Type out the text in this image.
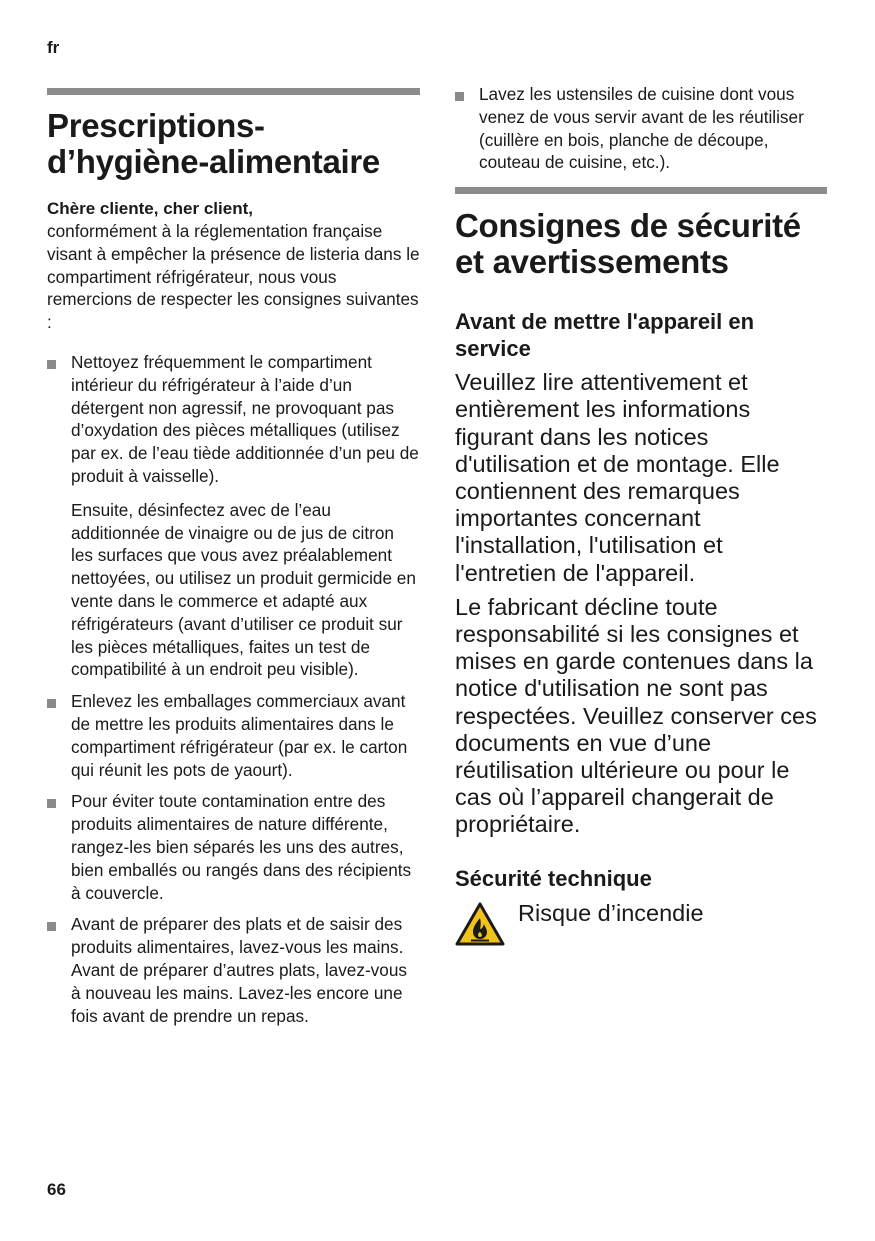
fr
Prescriptions-
d’hygiène-alimentaire
Chère cliente, cher client,

conformément à la réglementation française visant à empêcher la présence de listeria dans le compartiment réfrigérateur, nous vous remercions de respecter les consignes suivantes :

Nettoyez fréquemment le compartiment intérieur du réfrigérateur à l’aide d’un détergent non agressif, ne provoquant pas d’oxydation des pièces métalliques (utilisez par ex. de l’eau tiède additionnée d’un peu de produit à vaisselle).
Ensuite, désinfectez avec de l’eau additionnée de vinaigre ou de jus de citron les surfaces que vous avez préalablement nettoyées, ou utilisez un produit germicide en vente dans le commerce et adapté aux réfrigérateurs (avant d’utiliser ce produit sur les pièces métalliques, faites un test de compatibilité à un endroit peu visible).
Enlevez les emballages commerciaux avant de mettre les produits alimentaires dans le compartiment réfrigérateur (par ex. le carton qui réunit les pots de yaourt).
Pour éviter toute contamination entre des produits alimentaires de nature différente, rangez-les bien séparés les uns des autres, bien emballés ou rangés dans des récipients à couvercle.
Avant de préparer des plats et de saisir des produits alimentaires, lavez-vous les mains. Avant de préparer d’autres plats, lavez-vous à nouveau les mains. Lavez-les encore une fois avant de prendre un repas.
Lavez les ustensiles de cuisine dont vous venez de vous servir avant de les réutiliser (cuillère en bois, planche de découpe, couteau de cuisine, etc.).
Consignes de sécurité
et avertissements
Avant de mettre l'appareil en service

Veuillez lire attentivement et entièrement les informations figurant dans les notices d'utilisation et de montage. Elle contiennent des remarques importantes concernant l'installation, l'utilisation et l'entretien de l'appareil.

Le fabricant décline toute responsabilité si les consignes et mises en garde contenues dans la notice d'utilisation ne sont pas respectées. Veuillez conserver ces documents en vue d’une réutilisation ultérieure ou pour le cas où l’appareil changerait de propriétaire.

Sécurité technique
Risque d’incendie
66
